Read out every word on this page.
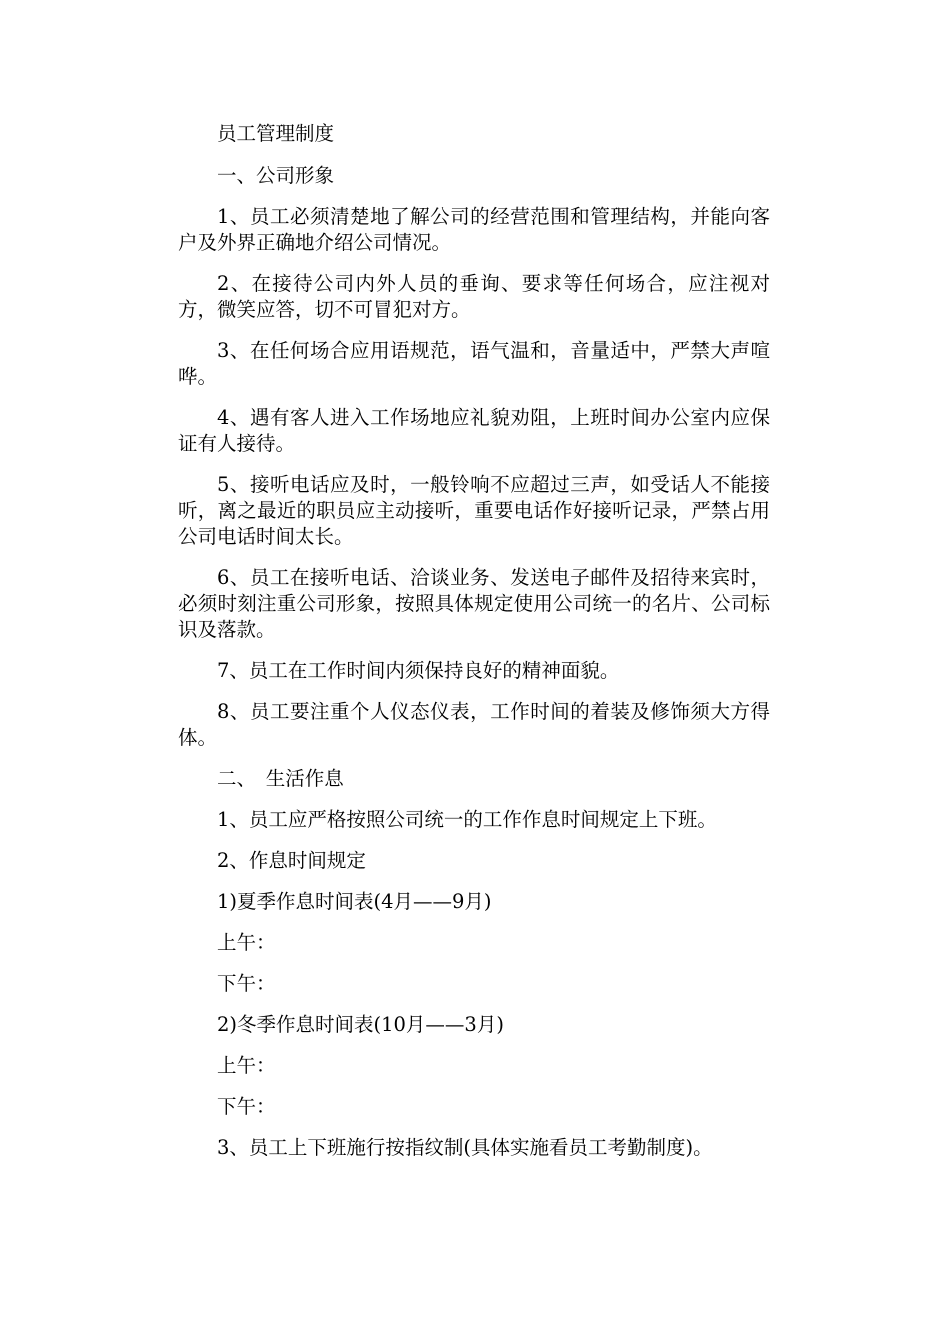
员工管理制度

一、公司形象

1、员工必须清楚地了解公司的经营范围和管理结构，并能向客户及外界正确地介绍公司情况。

2、在接待公司内外人员的垂询、要求等任何场合，应注视对方，微笑应答，切不可冒犯对方。

3、在任何场合应用语规范，语气温和，音量适中，严禁大声喧哗。

4、遇有客人进入工作场地应礼貌劝阻，上班时间办公室内应保证有人接待。

5、接听电话应及时，一般铃响不应超过三声，如受话人不能接听，离之最近的职员应主动接听，重要电话作好接听记录，严禁占用公司电话时间太长。

6、员工在接听电话、洽谈业务、发送电子邮件及招待来宾时，必须时刻注重公司形象，按照具体规定使用公司统一的名片、公司标识及落款。

7、员工在工作时间内须保持良好的精神面貌。

8、员工要注重个人仪态仪表，工作时间的着装及修饰须大方得体。

二、　生活作息

1、员工应严格按照公司统一的工作作息时间规定上下班。

2、作息时间规定

1)夏季作息时间表(4月——9月)

上午：

下午：

2)冬季作息时间表(10月——3月)

上午：

下午：

3、员工上下班施行按指纹制(具体实施看员工考勤制度)。
